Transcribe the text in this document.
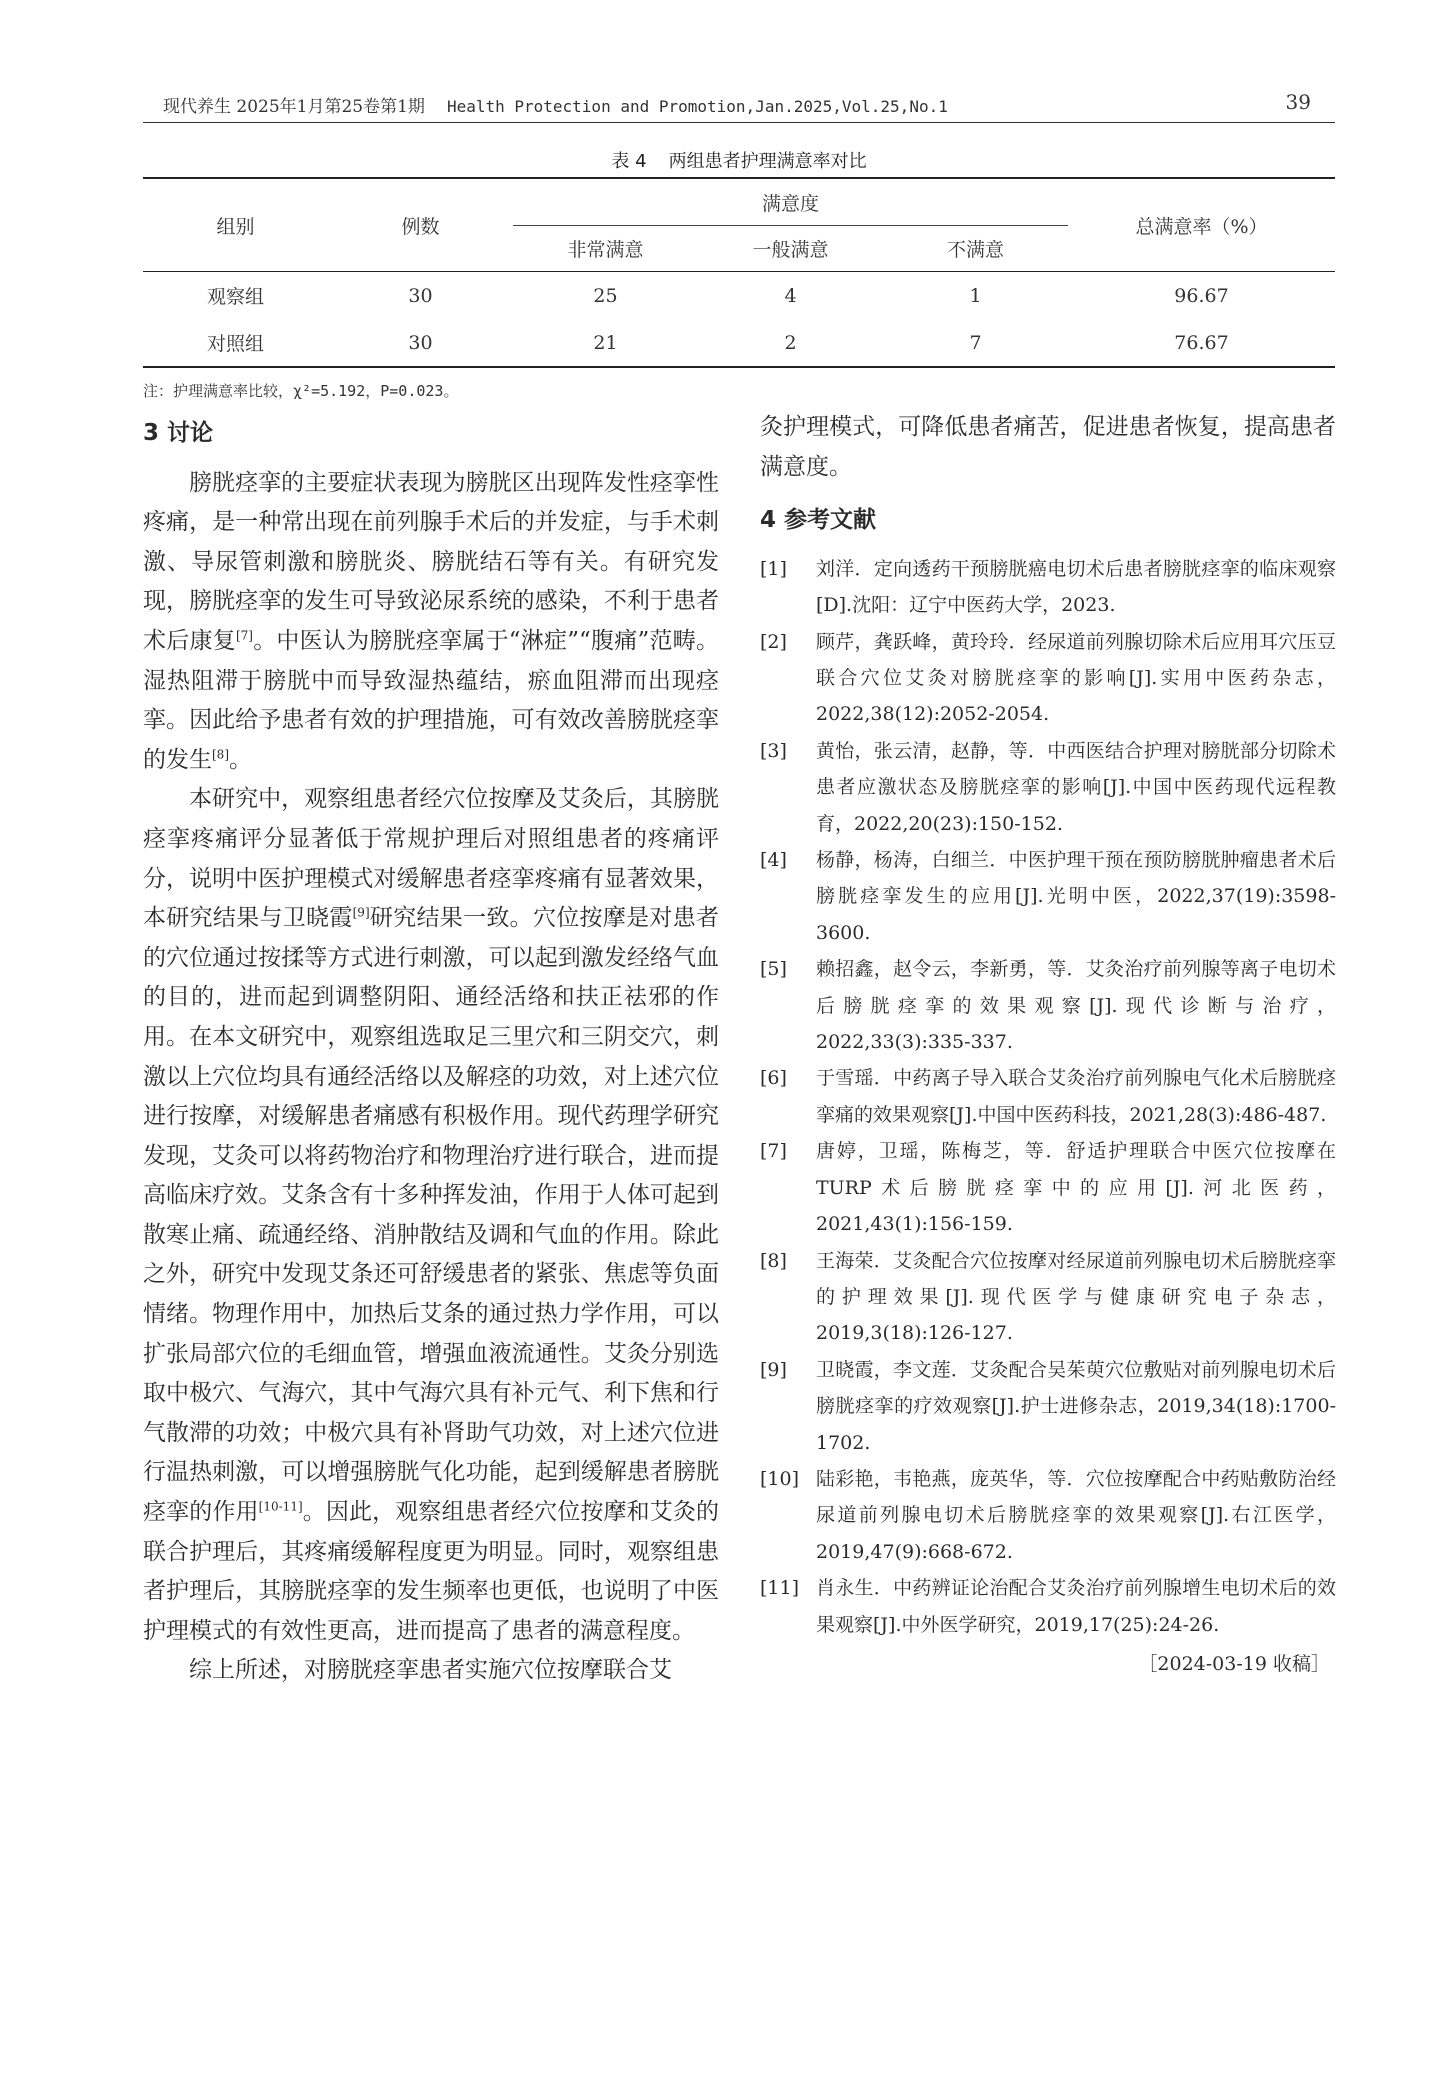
现代养生 2025年1月第25卷第1期 Health Protection and Promotion,Jan.2025,Vol.25,No.1	39
表 4 两组患者护理满意率对比
组别	例数	满意度			总满意率（%）
		非常满意	一般满意	不满意	
观察组	30	25	4	1	96.67
对照组	30	21	2	7	76.67
注：护理满意率比较，χ²=5.192，P=0.023。
3 讨论

膀胱痉挛的主要症状表现为膀胱区出现阵发性痉挛性疼痛，是一种常出现在前列腺手术后的并发症，与手术刺激、导尿管刺激和膀胱炎、膀胱结石等有关。有研究发现，膀胱痉挛的发生可导致泌尿系统的感染，不利于患者术后康复[7]。中医认为膀胱痉挛属于“淋症”“腹痛”范畴。湿热阻滞于膀胱中而导致湿热蕴结，瘀血阻滞而出现痉挛。因此给予患者有效的护理措施，可有效改善膀胱痉挛的发生[8]。

本研究中，观察组患者经穴位按摩及艾灸后，其膀胱痉挛疼痛评分显著低于常规护理后对照组患者的疼痛评分，说明中医护理模式对缓解患者痉挛疼痛有显著效果，本研究结果与卫晓霞[9]研究结果一致。穴位按摩是对患者的穴位通过按揉等方式进行刺激，可以起到激发经络气血的目的，进而起到调整阴阳、通经活络和扶正祛邪的作用。在本文研究中，观察组选取足三里穴和三阴交穴，刺激以上穴位均具有通经活络以及解痉的功效，对上述穴位进行按摩，对缓解患者痛感有积极作用。现代药理学研究发现，艾灸可以将药物治疗和物理治疗进行联合，进而提高临床疗效。艾条含有十多种挥发油，作用于人体可起到散寒止痛、疏通经络、消肿散结及调和气血的作用。除此之外，研究中发现艾条还可舒缓患者的紧张、焦虑等负面情绪。物理作用中，加热后艾条的通过热力学作用，可以扩张局部穴位的毛细血管，增强血液流通性。艾灸分别选取中极穴、气海穴，其中气海穴具有补元气、利下焦和行气散滞的功效；中极穴具有补肾助气功效，对上述穴位进行温热刺激，可以增强膀胱气化功能，起到缓解患者膀胱痉挛的作用[10-11]。因此，观察组患者经穴位按摩和艾灸的联合护理后，其疼痛缓解程度更为明显。同时，观察组患者护理后，其膀胱痉挛的发生频率也更低，也说明了中医护理模式的有效性更高，进而提高了患者的满意程度。

综上所述，对膀胱痉挛患者实施穴位按摩联合艾

灸护理模式，可降低患者痛苦，促进患者恢复，提高患者满意度。

4 参考文献
[1]	刘洋．定向透药干预膀胱癌电切术后患者膀胱痉挛的临床观察[D].沈阳：辽宁中医药大学，2023.
[2]	顾芹，龚跃峰，黄玲玲．经尿道前列腺切除术后应用耳穴压豆联合穴位艾灸对膀胱痉挛的影响[J].实用中医药杂志，2022,38(12):2052-2054.
[3]	黄怡，张云清，赵静，等．中西医结合护理对膀胱部分切除术患者应激状态及膀胱痉挛的影响[J].中国中医药现代远程教育，2022,20(23):150-152.
[4]	杨静，杨涛，白细兰．中医护理干预在预防膀胱肿瘤患者术后膀胱痉挛发生的应用[J].光明中医，2022,37(19):3598-3600.
[5]	赖招鑫，赵令云，李新勇，等．艾灸治疗前列腺等离子电切术后膀胱痉挛的效果观察[J].现代诊断与治疗，2022,33(3):335-337.
[6]	于雪瑶．中药离子导入联合艾灸治疗前列腺电气化术后膀胱痉挛痛的效果观察[J].中国中医药科技，2021,28(3):486-487.
[7]	唐婷，卫瑶，陈梅芝，等．舒适护理联合中医穴位按摩在TURP术后膀胱痉挛中的应用[J].河北医药，2021,43(1):156-159.
[8]	王海荣．艾灸配合穴位按摩对经尿道前列腺电切术后膀胱痉挛的护理效果[J].现代医学与健康研究电子杂志，2019,3(18):126-127.
[9]	卫晓霞，李文莲．艾灸配合吴茱萸穴位敷贴对前列腺电切术后膀胱痉挛的疗效观察[J].护士进修杂志，2019,34(18):1700-1702.
[10] 陆彩艳，韦艳燕，庞英华，等．穴位按摩配合中药贴敷防治经尿道前列腺电切术后膀胱痉挛的效果观察[J].右江医学，2019,47(9):668-672.
[11] 肖永生．中药辨证论治配合艾灸治疗前列腺增生电切术后的效果观察[J].中外医学研究，2019,17(25):24-26.
［2024-03-19 收稿］
